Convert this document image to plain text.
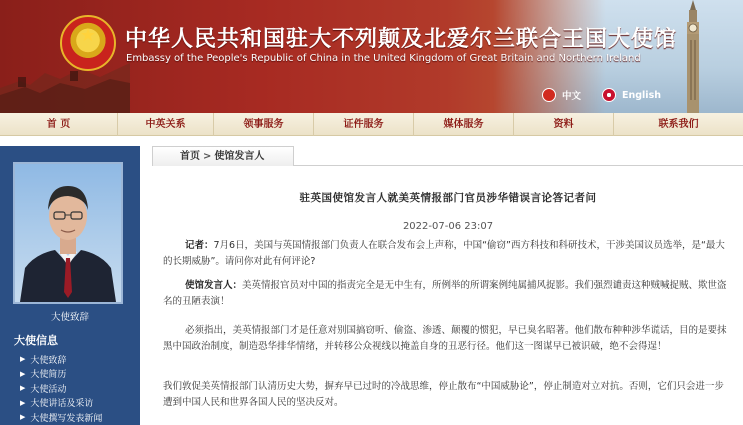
★	中华人民共和国驻大不列颠及北爱尔兰联合王国大使馆
Embassy of the People's Republic of China in the United Kingdom of Great Britain and Northern Ireland
中文	English
首 页	中英关系	领事服务	证件服务	媒体服务	资料	联系我们
大使致辞
大使信息
▶ 大使致辞
▶ 大使简历
▶ 大使活动
▶ 大使讲话及采访
▶ 大使撰写发表新闻
首页 > 使馆发言人
驻英国使馆发言人就美英情报部门官员涉华错误言论答记者问
2022-07-06 23:07
记者：7月6日，美国与英国情报部门负责人在联合发布会上声称，中国“偷窃”西方科技和科研技术，干涉美国议员选举，是“最大的长期威胁”。请问你对此有何评论?
使馆发言人：美英情报官员对中国的指责完全是无中生有，所例举的所谓案例纯属捕风捉影。我们强烈谴责这种贼喊捉贼、欺世盗名的丑陋表演！
必须指出，美英情报部门才是任意对别国搞窃听、偷盗、渗透、颠覆的惯犯，早已臭名昭著。他们散布种种涉华谎话，目的是要抹黑中国政治制度，制造恐华排华情绪，并转移公众视线以掩盖自身的丑恶行径。他们这一图谋早已被识破，绝不会得逞！
我们敦促美英情报部门认清历史大势，摒弃早已过时的冷战思维，停止散布“中国威胁论”，停止制造对立对抗。否则，它们只会进一步遭到中国人民和世界各国人民的坚决反对。
